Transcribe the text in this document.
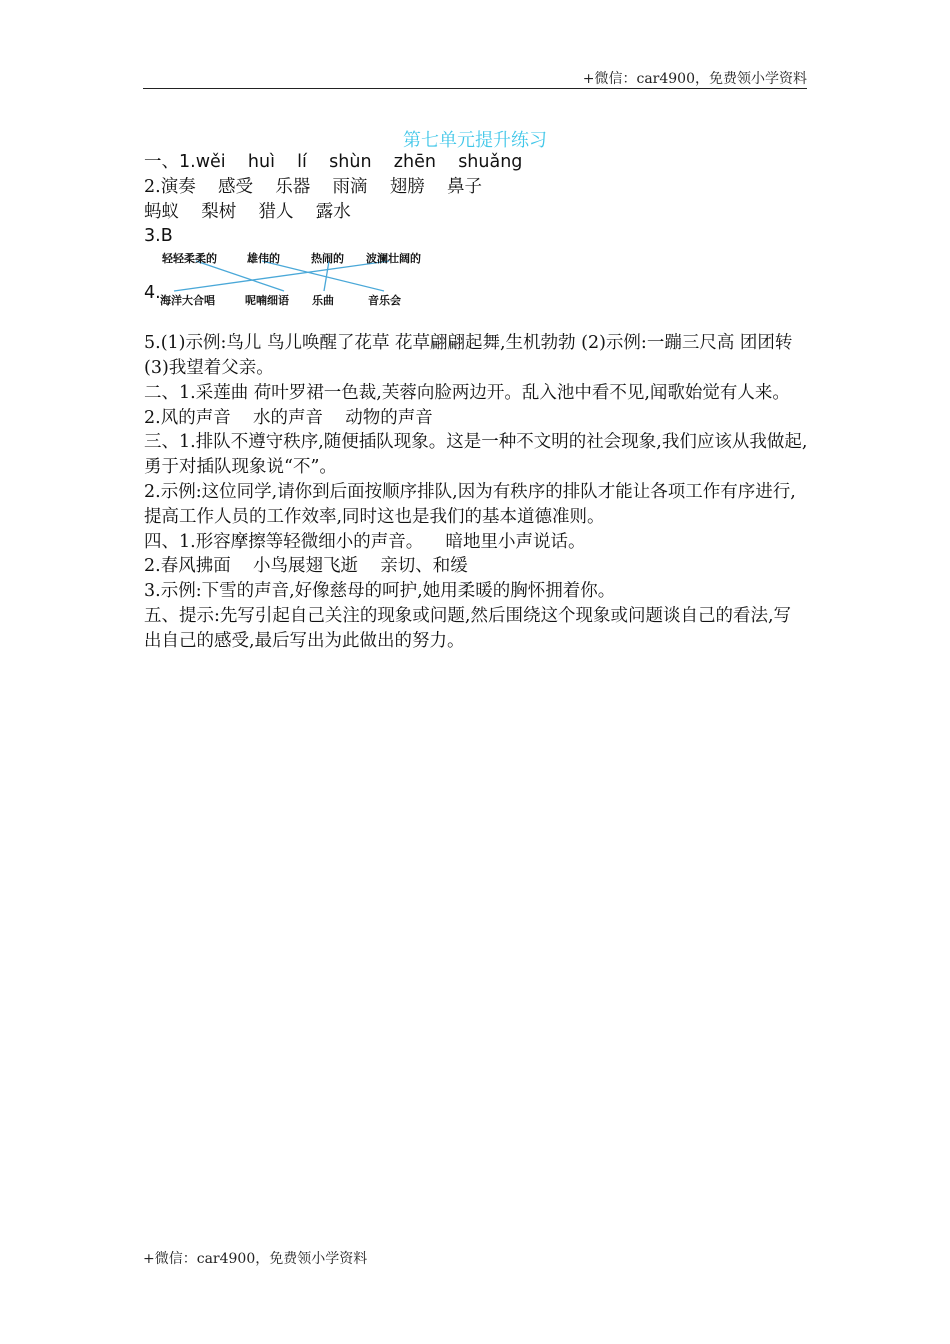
+微信：car4900，免费领小学资料
第七单元提升练习
一、1.wěi    huì    lí    shùn    zhēn    shuǎng
2.演奏    感受    乐器    雨滴    翅膀    鼻子
蚂蚁    梨树    猎人    露水
3.B
轻轻柔柔的	雄伟的	热闹的 波澜壮阔的
4. 海洋大合唱	呢喃细语 乐曲	音乐会
5.(1)示例:鸟儿 鸟儿唤醒了花草 花草翩翩起舞,生机勃勃 (2)示例:一蹦三尺高 团团转 (3)我望着父亲。
二、1.采莲曲 荷叶罗裙一色裁,芙蓉向脸两边开。乱入池中看不见,闻歌始觉有人来。
2.风的声音    水的声音    动物的声音
三、1.排队不遵守秩序,随便插队现象。这是一种不文明的社会现象,我们应该从我做起,勇于对插队现象说“不”。
2.示例:这位同学,请你到后面按顺序排队,因为有秩序的排队才能让各项工作有序进行,提高工作人员的工作效率,同时这也是我们的基本道德准则。
四、1.形容摩擦等轻微细小的声音。    暗地里小声说话。
2.春风拂面    小鸟展翅飞逝    亲切、和缓
3.示例:下雪的声音,好像慈母的呵护,她用柔暖的胸怀拥着你。
五、提示:先写引起自己关注的现象或问题,然后围绕这个现象或问题谈自己的看法,写出自己的感受,最后写出为此做出的努力。
+微信：car4900，免费领小学资料
